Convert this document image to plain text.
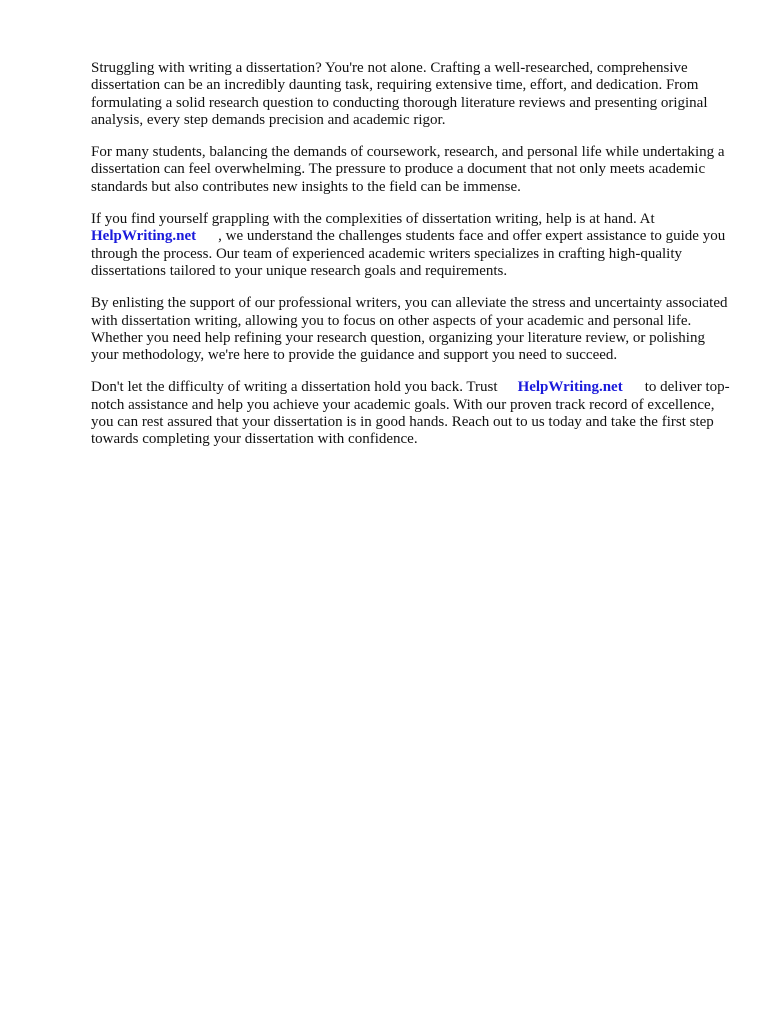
Struggling with writing a dissertation? You're not alone. Crafting a well-researched, comprehensive dissertation can be an incredibly daunting task, requiring extensive time, effort, and dedication. From formulating a solid research question to conducting thorough literature reviews and presenting original analysis, every step demands precision and academic rigor.

For many students, balancing the demands of coursework, research, and personal life while undertaking a dissertation can feel overwhelming. The pressure to produce a document that not only meets academic standards but also contributes new insights to the field can be immense.

If you find yourself grappling with the complexities of dissertation writing, help is at hand. At
HelpWriting.net , we understand the challenges students face and offer expert assistance to guide you through the process. Our team of experienced academic writers specializes in crafting high-quality dissertations tailored to your unique research goals and requirements.

By enlisting the support of our professional writers, you can alleviate the stress and uncertainty associated with dissertation writing, allowing you to focus on other aspects of your academic and personal life. Whether you need help refining your research question, organizing your literature review, or polishing your methodology, we're here to provide the guidance and support you need to succeed.

Don't let the difficulty of writing a dissertation hold you back. Trust HelpWriting.net to deliver top-notch assistance and help you achieve your academic goals. With our proven track record of excellence, you can rest assured that your dissertation is in good hands. Reach out to us today and take the first step towards completing your dissertation with confidence.
